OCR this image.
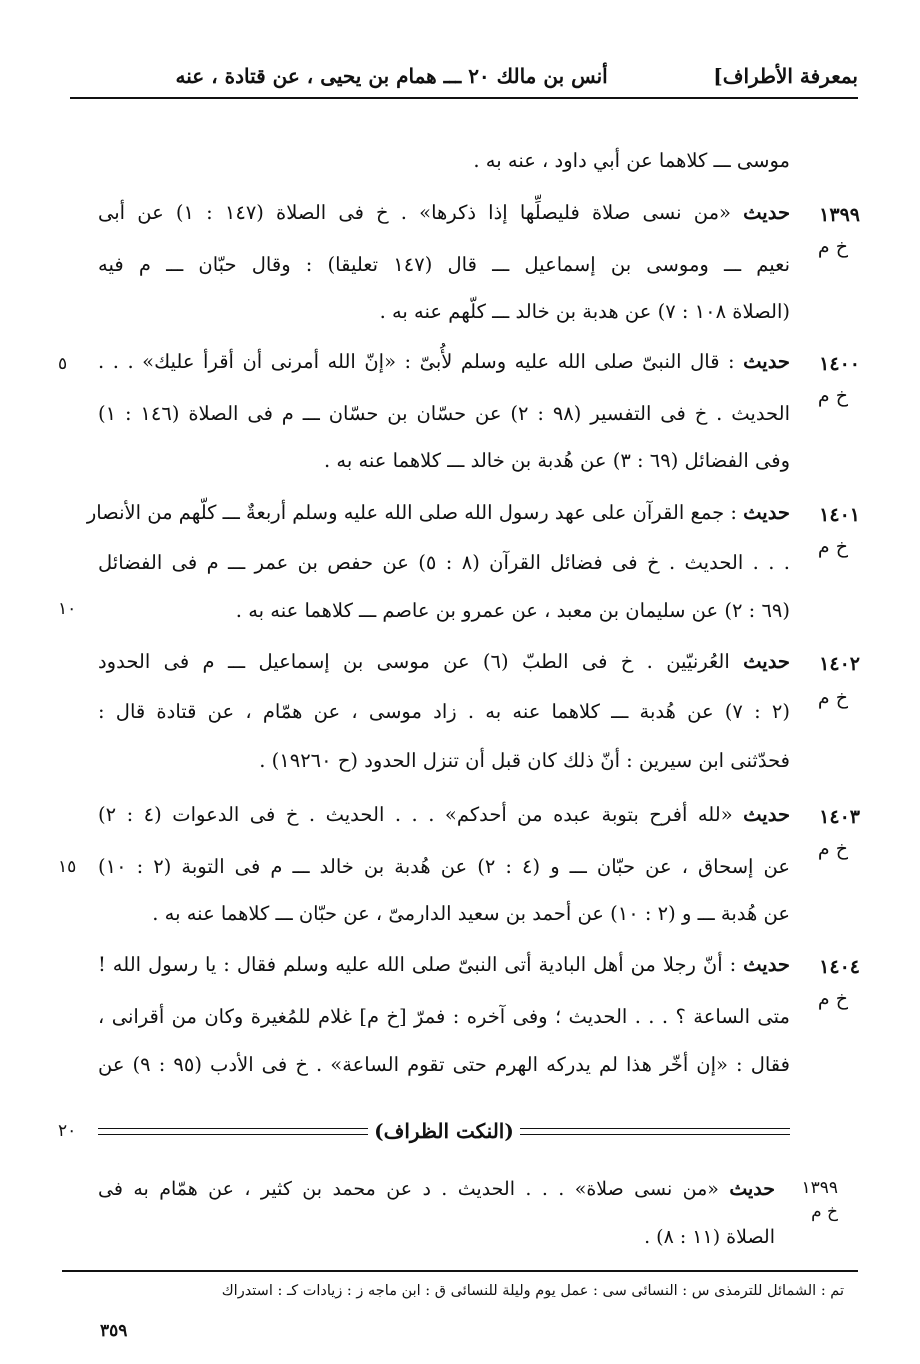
بمعرفة الأطراف]
أنس بن مالك ٢٠ ـــ همام بن يحيى ، عن قتادة ، عنه
موسى ـــ كلاهما عن أبي داود ، عنه به .
١٣٩٩
خ م
حديث «من نسى صلاة فليصلِّها إذا ذكرها» . خ فى الصلاة (١٤٧ : ١) عن أبى
نعيم ـــ وموسى بن إسماعيل ـــ قال (١٤٧ تعليقا) : وقال حبّان ـــ م فيه
(الصلاة ١٠٨ : ٧) عن هدبة بن خالد ـــ كلّهم عنه به .
١٤٠٠
خ م
٥	حديث : قال النبىّ صلى الله عليه وسلم لأُبىّ : «إنّ الله أمرنى أن أقرأ عليك» . . .
الحديث . خ فى التفسير (٩٨ : ٢) عن حسّان بن حسّان ـــ م فى الصلاة (١٤٦ : ١)
وفى الفضائل (٦٩ : ٣) عن هُدبة بن خالد ـــ كلاهما عنه به .
١٤٠١
خ م
١٠
حديث : جمع القرآن على عهد رسول الله صلى الله عليه وسلم أربعةٌ ـــ كلّهم من الأنصار
. . . الحديث . خ فى فضائل القرآن (٨ : ٥) عن حفص بن عمر ـــ م فى الفضائل
(٦٩ : ٢) عن سليمان بن معبد ، عن عمرو بن عاصم ـــ كلاهما عنه به .
١٤٠٢
خ م
حديث العُرنيّين . خ فى الطبّ (٦) عن موسى بن إسماعيل ـــ م فى الحدود
(٢ : ٧) عن هُدبة ـــ كلاهما عنه به . زاد موسى ، عن همّام ، عن قتادة قال :
فحدّثنى ابن سيرين : أنّ ذلك كان قبل أن تنزل الحدود (ح ١٩٢٦٠) .
١٤٠٣
خ م
١٥
حديث «لله أفرح بتوبة عبده من أحدكم» . . . الحديث . خ فى الدعوات (٤ : ٢)
عن إسحاق ، عن حبّان ـــ و (٤ : ٢) عن هُدبة بن خالد ـــ م فى التوبة (٢ : ١٠)
عن هُدبة ـــ و (٢ : ١٠) عن أحمد بن سعيد الدارمىّ ، عن حبّان ـــ كلاهما عنه به .
١٤٠٤
خ م
حديث : أنّ رجلا من أهل البادية أتى النبىّ صلى الله عليه وسلم فقال : يا رسول الله !
متى الساعة ؟ . . . الحديث ؛ وفى آخره : فمرّ [خ م] غلام للمُغيرة وكان من أقرانى ،
فقال : «إن أخّر هذا لم يدركه الهرم حتى تقوم الساعة» . خ فى الأدب (٩٥ : ٩) عن
٢٠	(النكت الظراف)
١٣٩٩
خ م
حديث «من نسى صلاة» . . . الحديث . د عن محمد بن كثير ، عن همّام به فى
الصلاة (١١ : ٨) .
تم : الشمائل للترمذى س : النسائى سى : عمل يوم وليلة للنسائى ق : ابن ماجه ز : زيادات كـ : استدراك
٣٥٩
